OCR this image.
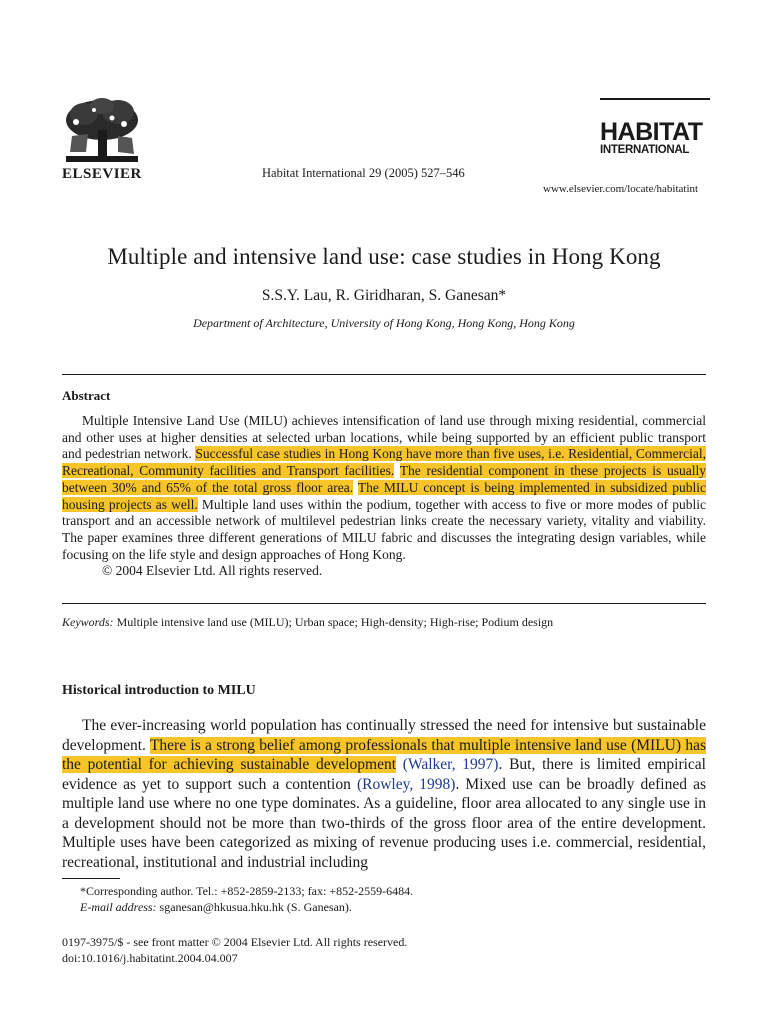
ELSEVIER	Habitat International 29 (2005) 527–546
HABITAT
INTERNATIONAL
www.elsevier.com/locate/habitatint
Multiple and intensive land use: case studies in Hong Kong
S.S.Y. Lau, R. Giridharan, S. Ganesan*
Department of Architecture, University of Hong Kong, Hong Kong, Hong Kong
Abstract

Multiple Intensive Land Use (MILU) achieves intensification of land use through mixing residential, commercial and other uses at higher densities at selected urban locations, while being supported by an efficient public transport and pedestrian network. Successful case studies in Hong Kong have more than five uses, i.e. Residential, Commercial, Recreational, Community facilities and Transport facilities. The residential component in these projects is usually between 30% and 65% of the total gross floor area. The MILU concept is being implemented in subsidized public housing projects as well. Multiple land uses within the podium, together with access to five or more modes of public transport and an accessible network of multilevel pedestrian links create the necessary variety, vitality and viability. The paper examines three different generations of MILU fabric and discusses the integrating design variables, while focusing on the life style and design approaches of Hong Kong.

© 2004 Elsevier Ltd. All rights reserved.

Keywords: Multiple intensive land use (MILU); Urban space; High-density; High-rise; Podium design
Historical introduction to MILU

The ever-increasing world population has continually stressed the need for intensive but sustainable development. There is a strong belief among professionals that multiple intensive land use (MILU) has the potential for achieving sustainable development (Walker, 1997). But, there is limited empirical evidence as yet to support such a contention (Rowley, 1998). Mixed use can be broadly defined as multiple land use where no one type dominates. As a guideline, floor area allocated to any single use in a development should not be more than two-thirds of the gross floor area of the entire development. Multiple uses have been categorized as mixing of revenue producing uses i.e. commercial, residential, recreational, institutional and industrial including

*Corresponding author. Tel.: +852-2859-2133; fax: +852-2559-6484.
E-mail address: sganesan@hkusua.hku.hk (S. Ganesan).
0197-3975/$ - see front matter © 2004 Elsevier Ltd. All rights reserved.
doi:10.1016/j.habitatint.2004.04.007
